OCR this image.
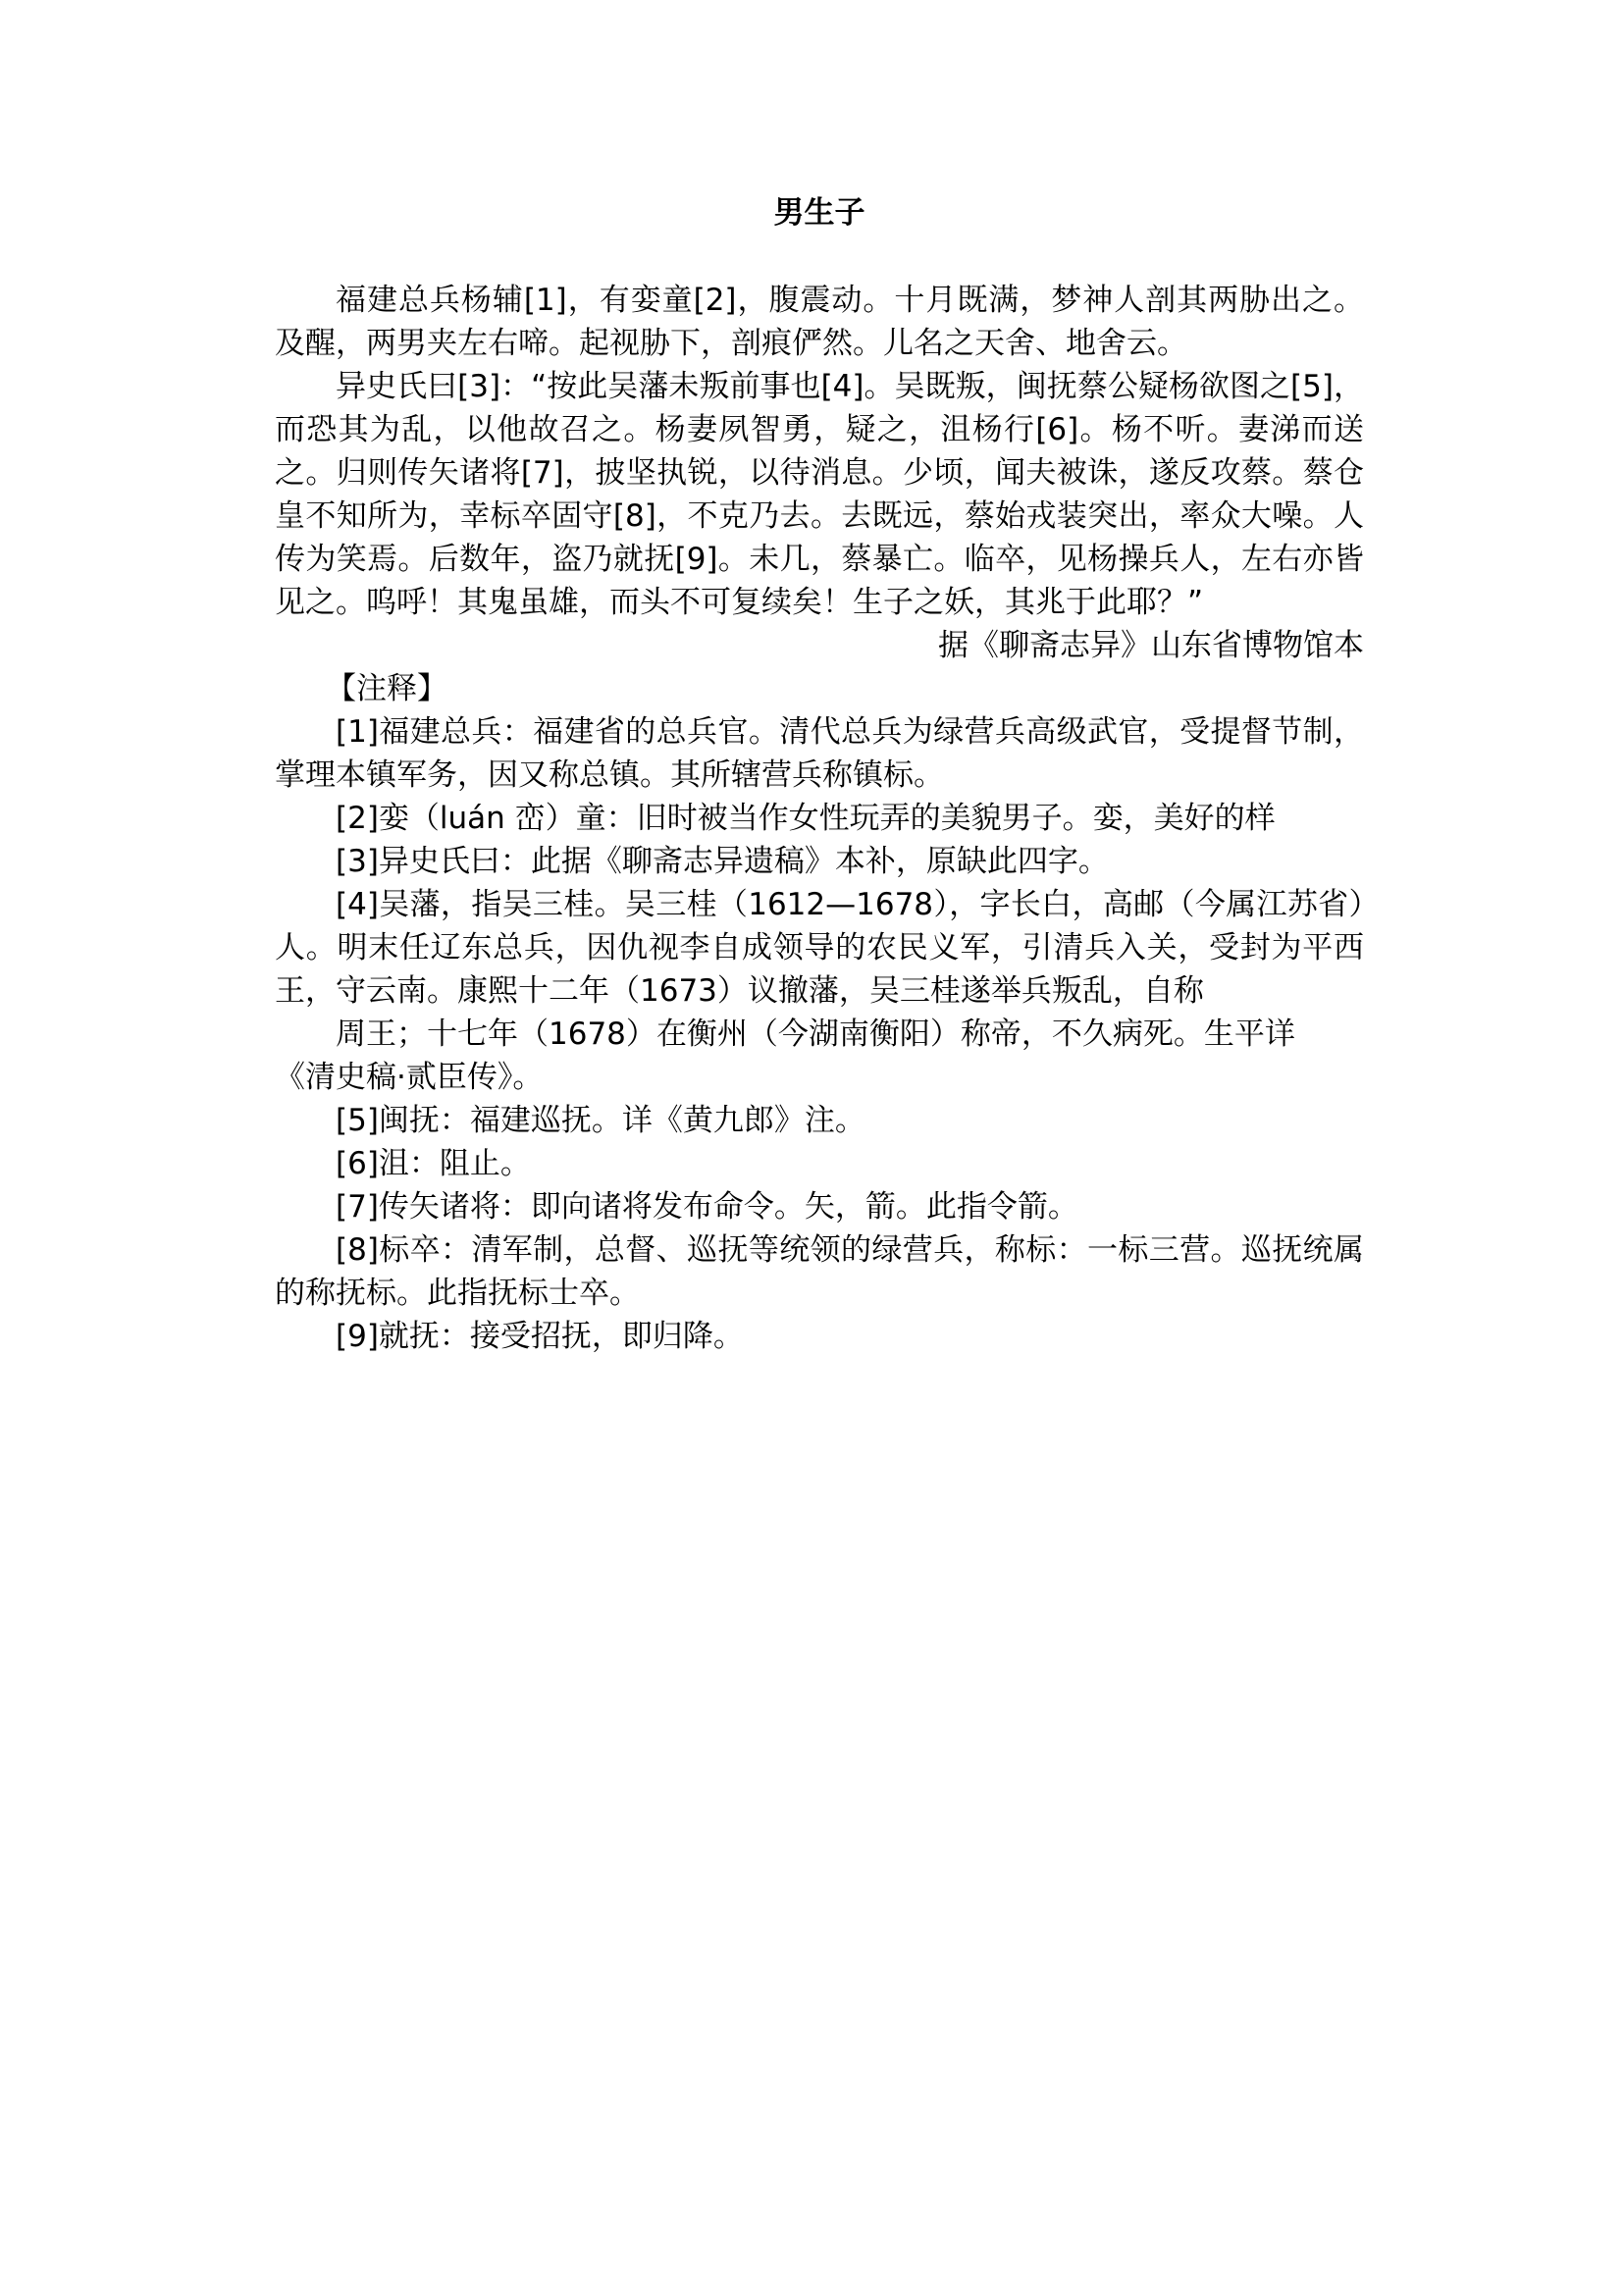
男生子

福建总兵杨辅[1]，有娈童[2]，腹震动。十月既满，梦神人剖其两胁出之。及醒，两男夹左右啼。起视胁下，剖痕俨然。儿名之天舍、地舍云。

异史氏曰[3]：“按此吴藩未叛前事也[4]。吴既叛，闽抚蔡公疑杨欲图之[5]，而恐其为乱，以他故召之。杨妻夙智勇，疑之，沮杨行[6]。杨不听。妻涕而送之。归则传矢诸将[7]，披坚执锐，以待消息。少顷，闻夫被诛，遂反攻蔡。蔡仓皇不知所为，幸标卒固守[8]，不克乃去。去既远，蔡始戎装突出，率众大噪。人传为笑焉。后数年，盗乃就抚[9]。未几，蔡暴亡。临卒，见杨操兵人，左右亦皆见之。呜呼！其鬼虽雄，而头不可复续矣！生子之妖，其兆于此耶？”

据《聊斋志异》山东省博物馆本

【注释】

[1]福建总兵：福建省的总兵官。清代总兵为绿营兵高级武官，受提督节制，掌理本镇军务，因又称总镇。其所辖营兵称镇标。

[2]娈（luán 峦）童：旧时被当作女性玩弄的美貌男子。娈，美好的样

[3]异史氏曰：此据《聊斋志异遗稿》本补，原缺此四字。

[4]吴藩，指吴三桂。吴三桂（1612—1678），字长白，高邮（今属江苏省）人。明末任辽东总兵，因仇视李自成领导的农民义军，引清兵入关，受封为平西王，守云南。康熙十二年（1673）议撤藩，吴三桂遂举兵叛乱，自称

周王；十七年（1678）在衡州（今湖南衡阳）称帝，不久病死。生平详

《清史稿·贰臣传》。

[5]闽抚：福建巡抚。详《黄九郎》注。

[6]沮：阻止。

[7]传矢诸将：即向诸将发布命令。矢，箭。此指令箭。

[8]标卒：清军制，总督、巡抚等统领的绿营兵，称标：一标三营。巡抚统属的称抚标。此指抚标士卒。

[9]就抚：接受招抚，即归降。
